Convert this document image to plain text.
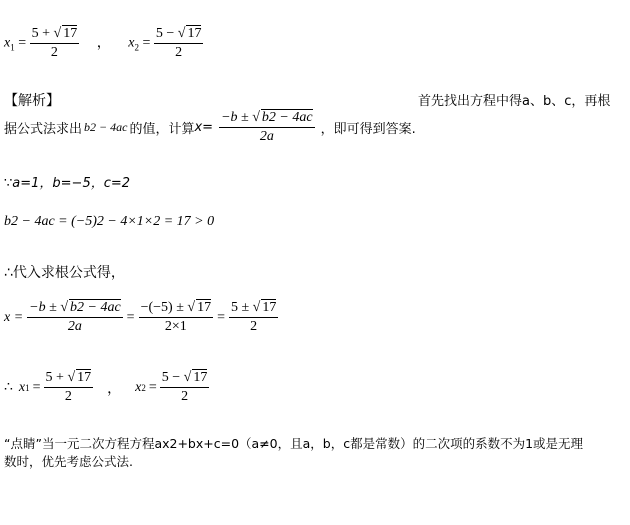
$x_1 = \frac{5 + √ 17}{2}$ ， $x_2 = \frac{5 - √ 17}{2}$
【解析】	首先找出方程中得a、b、c，再根
据公式法求出 b2 − 4ac 的值，计算 $x= \frac{-b \pm √ b2 - 4ac}{2a}$ ，即可得到答案.
∵a=1，b=−5，c=2
b2 − 4ac = (−5)2 − 4×1×2 = 17 > 0
∴代入求根公式得，
$x = \frac{-b \pm √ b2 - 4ac}{2a} = \frac{-(-5) \pm √ 17}{2\times 1} = \frac{5 \pm √ 17}{2}$
∴ x $1 = \frac{5 + √ 17}{2}$ ， x $2 = \frac{5 - √ 17}{2}$
“点睛”当一元二次方程方程ax2+bx+c=0（a≠0，且a，b，c都是常数）的二次项的系数不为1或是无理
数时，优先考虑公式法.
